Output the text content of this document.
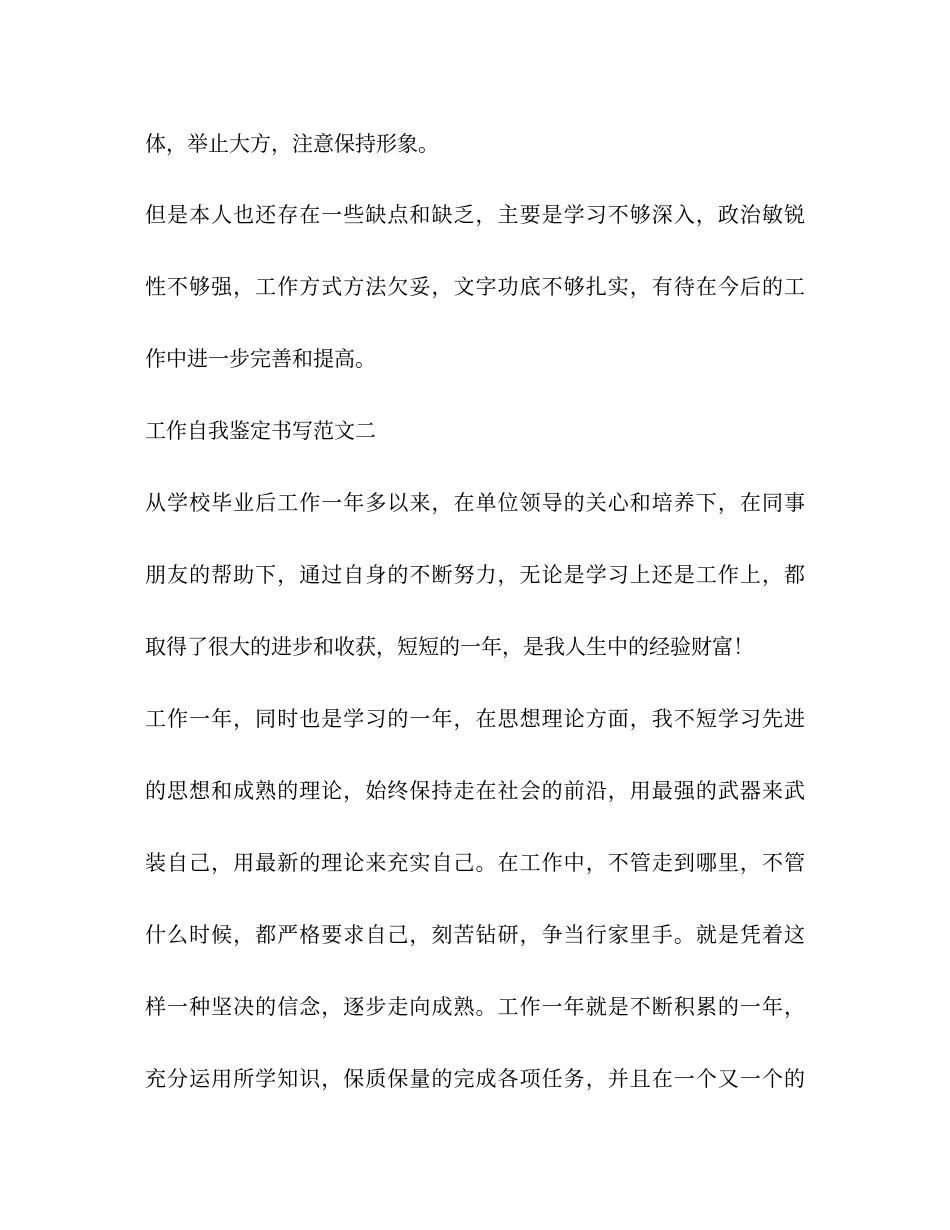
体，举止大方，注意保持形象。
但是本人也还存在一些缺点和缺乏，主要是学习不够深入，政治敏锐
性不够强，工作方式方法欠妥，文字功底不够扎实，有待在今后的工
作中进一步完善和提高。
工作自我鉴定书写范文二
从学校毕业后工作一年多以来，在单位领导的关心和培养下，在同事
朋友的帮助下，通过自身的不断努力，无论是学习上还是工作上，都
取得了很大的进步和收获，短短的一年，是我人生中的经验财富！
工作一年，同时也是学习的一年，在思想理论方面，我不短学习先进
的思想和成熟的理论，始终保持走在社会的前沿，用最强的武器来武
装自己，用最新的理论来充实自己。在工作中，不管走到哪里，不管
什么时候，都严格要求自己，刻苦钻研，争当行家里手。就是凭着这
样一种坚决的信念，逐步走向成熟。工作一年就是不断积累的一年，
充分运用所学知识，保质保量的完成各项任务，并且在一个又一个的
